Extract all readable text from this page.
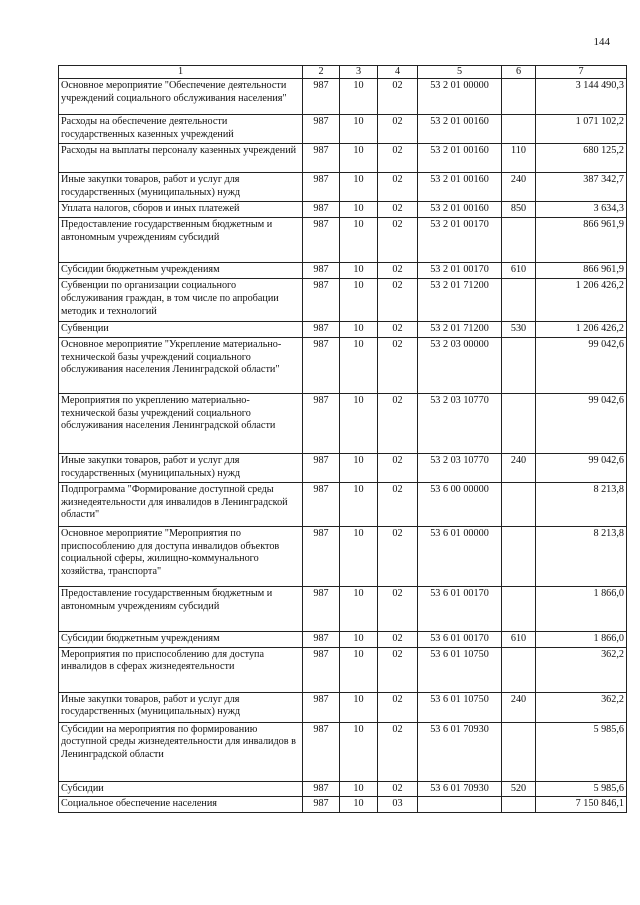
144
1	2	3	4	5	6	7
Основное мероприятие "Обеспечение деятельности учреждений социального обслуживания населения"	987	10	02	53 2 01 00000		3 144 490,3
Расходы на обеспечение деятельности государственных казенных учреждений	987	10	02	53 2 01 00160		1 071 102,2
Расходы на выплаты персоналу казенных учреждений	987	10	02	53 2 01 00160	110	680 125,2
Иные закупки товаров, работ и услуг для государственных (муниципальных) нужд	987	10	02	53 2 01 00160	240	387 342,7
Уплата налогов, сборов и иных платежей	987	10	02	53 2 01 00160	850	3 634,3
Предоставление государственным бюджетным и автономным учреждениям субсидий	987	10	02	53 2 01 00170		866 961,9
Субсидии бюджетным учреждениям	987	10	02	53 2 01 00170	610	866 961,9
Субвенции по организации социального обслуживания граждан, в том числе по апробации методик и технологий	987	10	02	53 2 01 71200		1 206 426,2
Субвенции	987	10	02	53 2 01 71200	530	1 206 426,2
Основное мероприятие "Укрепление материально- технической базы учреждений социального обслуживания населения Ленинградской области"	987	10	02	53 2 03 00000		99 042,6
Мероприятия по укреплению материально-технической базы учреждений социального обслуживания населения Ленинградской области	987	10	02	53 2 03 10770		99 042,6
Иные закупки товаров, работ и услуг для государственных (муниципальных) нужд	987	10	02	53 2 03 10770	240	99 042,6
Подпрограмма "Формирование доступной среды жизнедеятельности для инвалидов в Ленинградской области"	987	10	02	53 6 00 00000		8 213,8
Основное мероприятие "Мероприятия по приспособлению для доступа инвалидов объектов социальной сферы, жилищно-коммунального хозяйства, транспорта"	987	10	02	53 6 01 00000		8 213,8
Предоставление государственным бюджетным и автономным учреждениям субсидий	987	10	02	53 6 01 00170		1 866,0
Субсидии бюджетным учреждениям	987	10	02	53 6 01 00170	610	1 866,0
Мероприятия по приспособлению для доступа инвалидов в сферах жизнедеятельности	987	10	02	53 6 01 10750		362,2
Иные закупки товаров, работ и услуг для государственных (муниципальных) нужд	987	10	02	53 6 01 10750	240	362,2
Субсидии на мероприятия по формированию доступной среды жизнедеятельности для инвалидов в Ленинградской области	987	10	02	53 6 01 70930		5 985,6
Субсидии	987	10	02	53 6 01 70930	520	5 985,6
Социальное обеспечение населения	987	10	03			7 150 846,1
